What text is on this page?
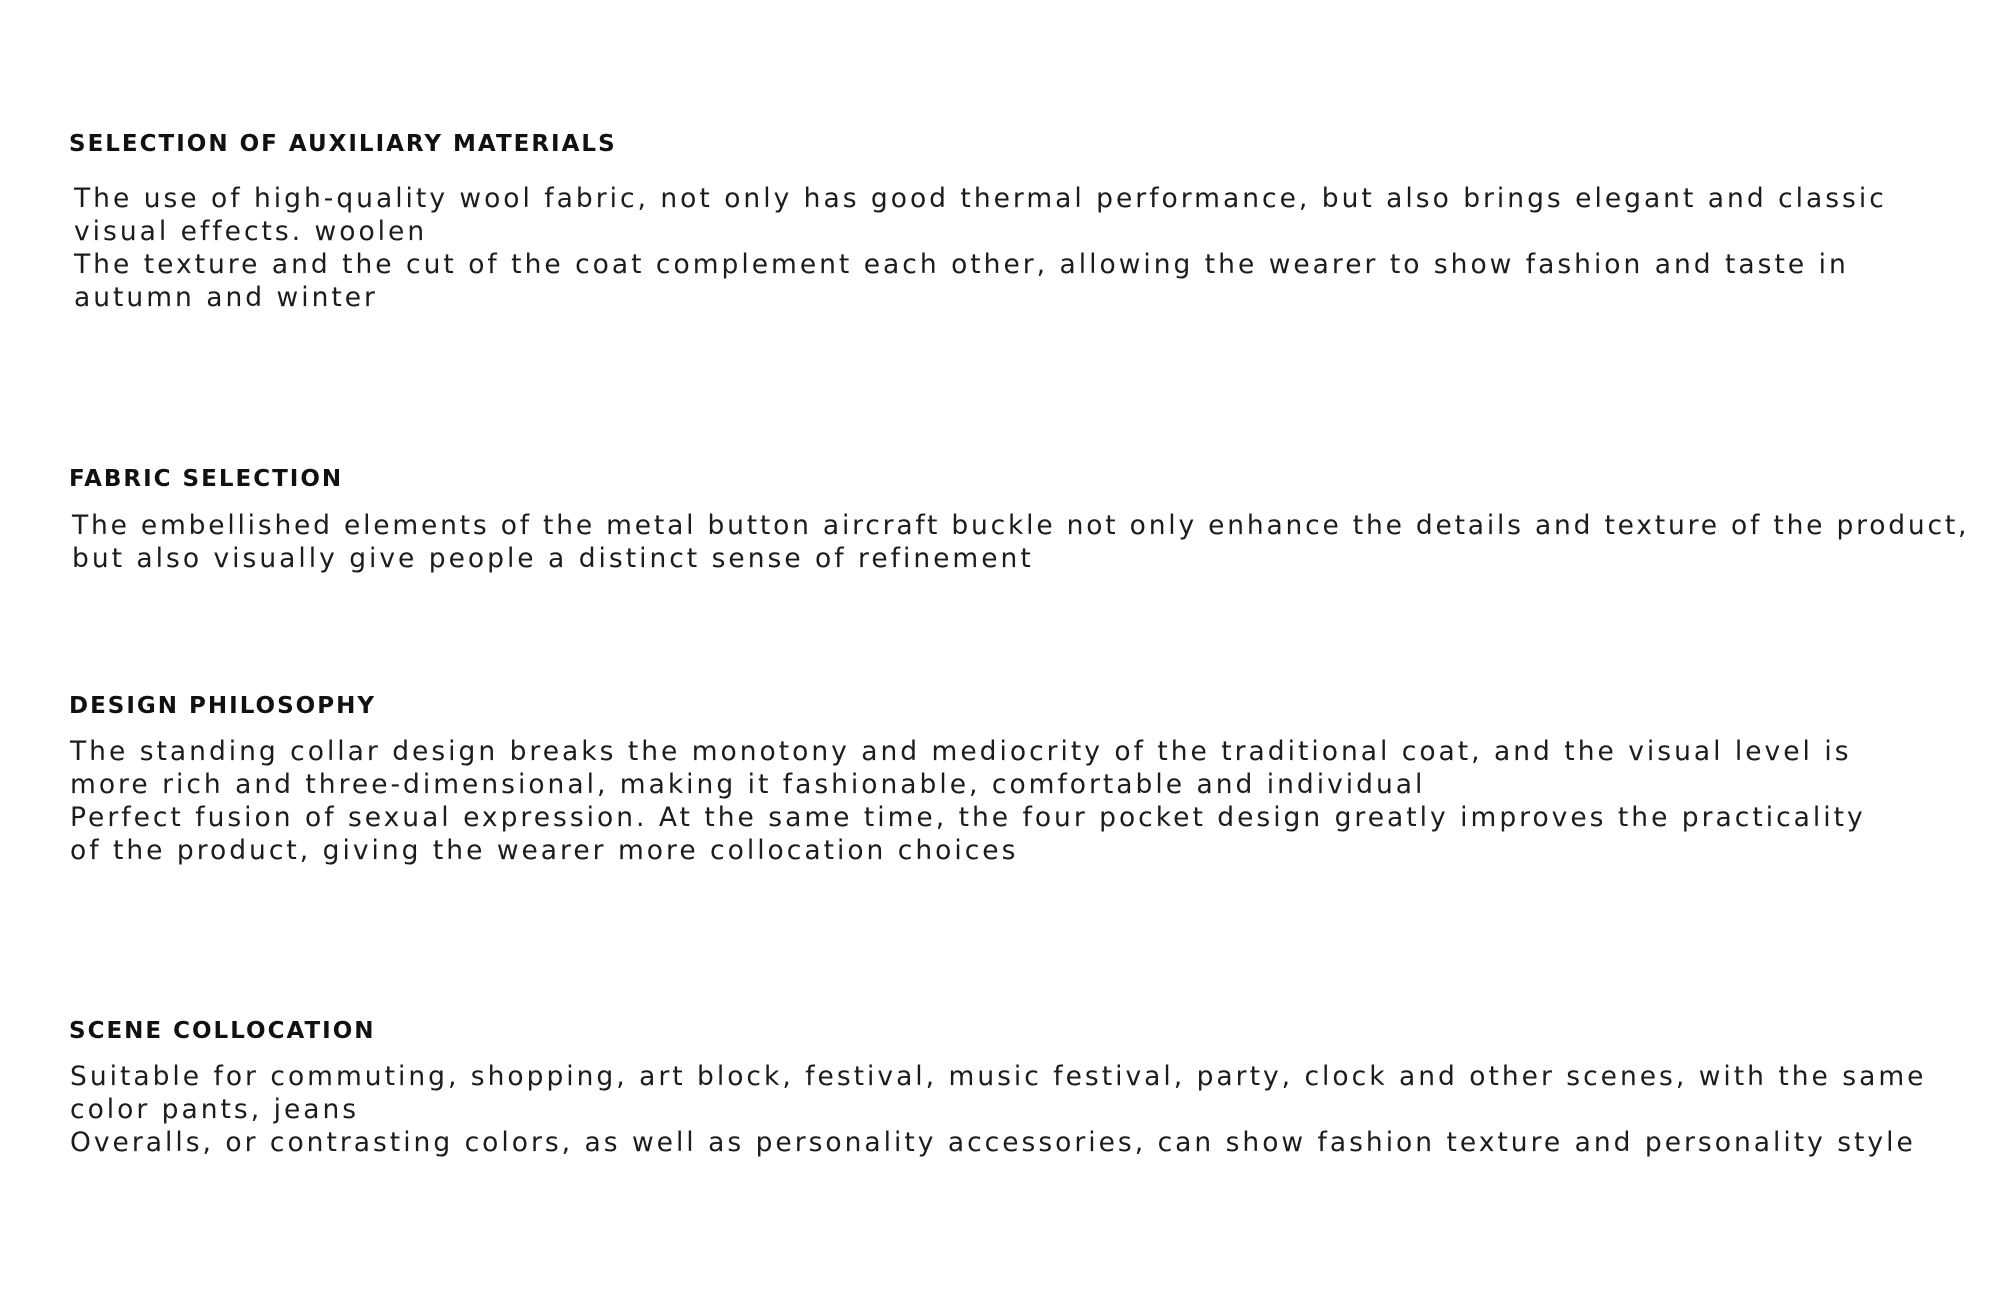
SELECTION OF AUXILIARY MATERIALS

The use of high-quality wool fabric, not only has good thermal performance, but also brings elegant and classic

visual effects. woolen

The texture and the cut of the coat complement each other, allowing the wearer to show fashion and taste in

autumn and winter

FABRIC SELECTION

The embellished elements of the metal button aircraft buckle not only enhance the details and texture of the product,

but also visually give people a distinct sense of refinement

DESIGN PHILOSOPHY

The standing collar design breaks the monotony and mediocrity of the traditional coat, and the visual level is

more rich and three-dimensional, making it fashionable, comfortable and individual

Perfect fusion of sexual expression. At the same time, the four pocket design greatly improves the practicality

of the product, giving the wearer more collocation choices

SCENE COLLOCATION

Suitable for commuting, shopping, art block, festival, music festival, party, clock and other scenes, with the same

color pants, jeans

Overalls, or contrasting colors, as well as personality accessories, can show fashion texture and personality style
